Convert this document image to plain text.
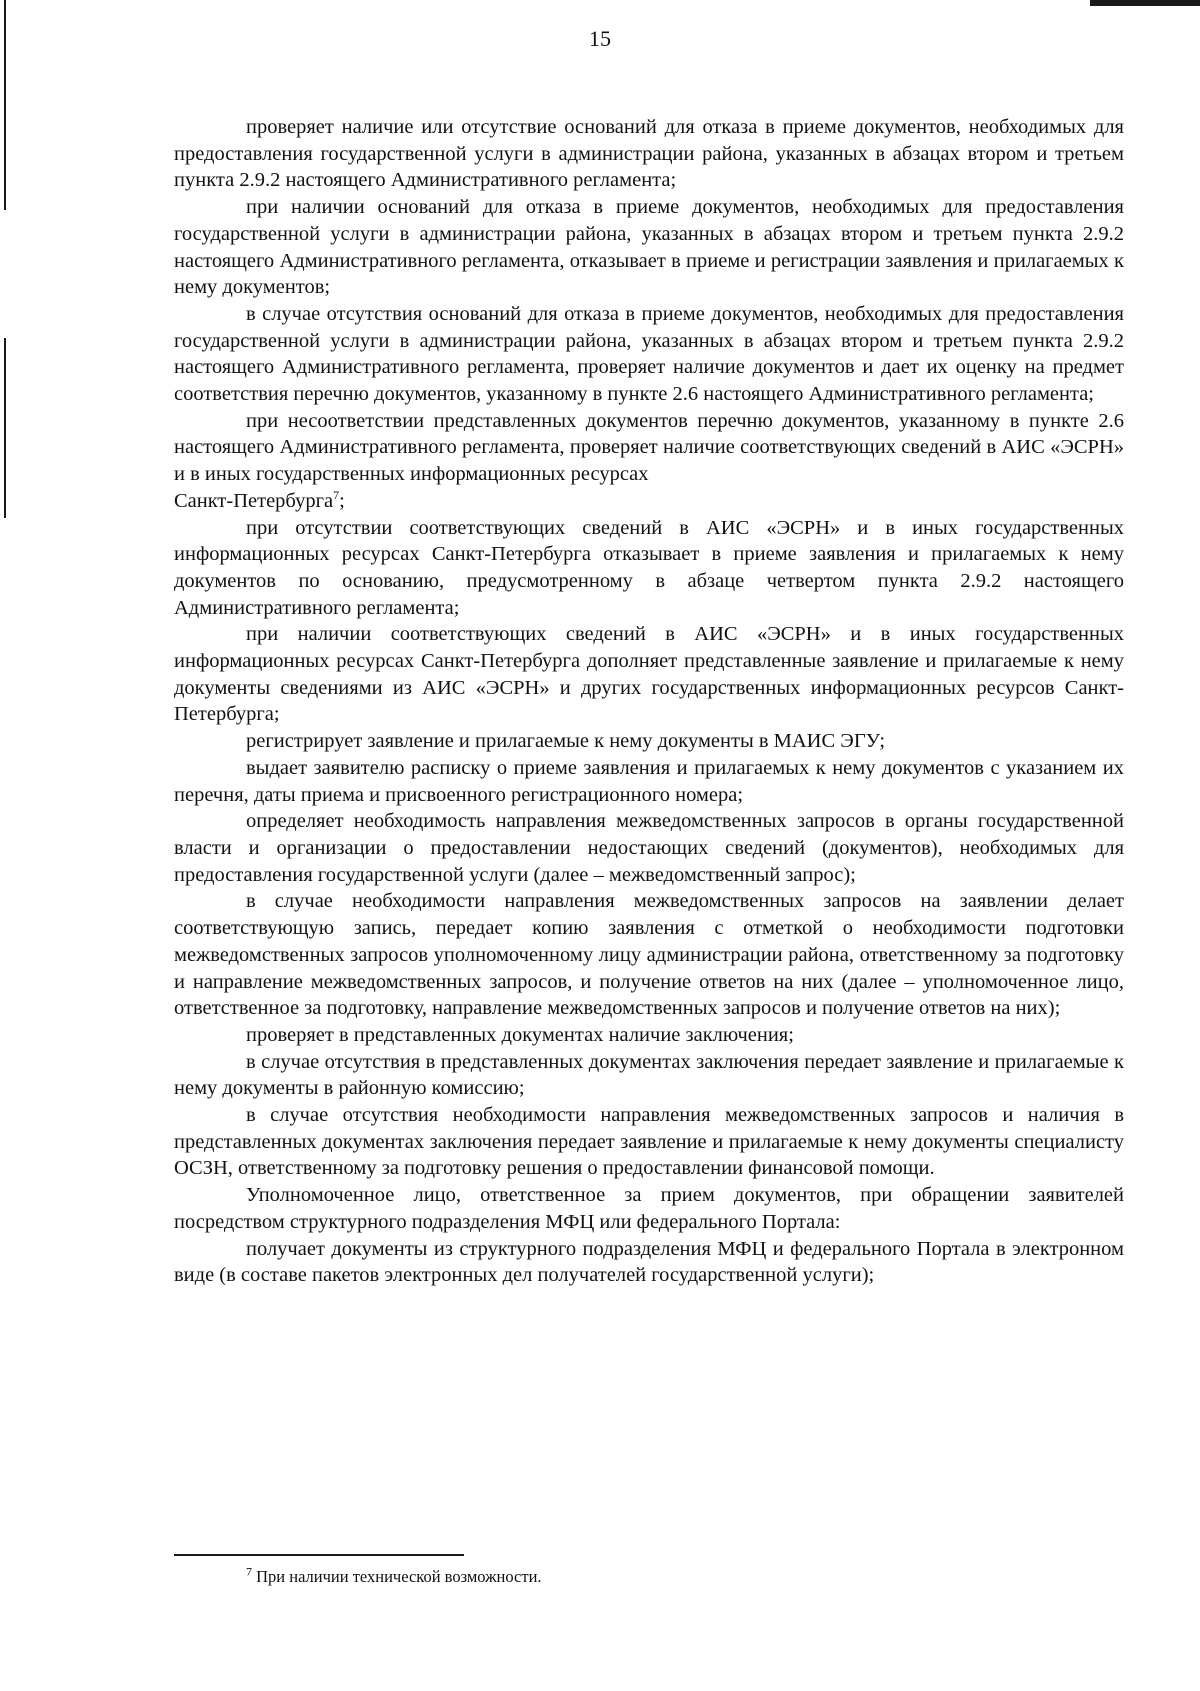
15

проверяет наличие или отсутствие оснований для отказа в приеме документов, необходимых для предоставления государственной услуги в администрации района, указанных в абзацах втором и третьем пункта 2.9.2 настоящего Административного регламента;

при наличии оснований для отказа в приеме документов, необходимых для предоставления государственной услуги в администрации района, указанных в абзацах втором и третьем пункта 2.9.2 настоящего Административного регламента, отказывает в приеме и регистрации заявления и прилагаемых к нему документов;

в случае отсутствия оснований для отказа в приеме документов, необходимых для предоставления государственной услуги в администрации района, указанных в абзацах втором и третьем пункта 2.9.2 настоящего Административного регламента, проверяет наличие документов и дает их оценку на предмет соответствия перечню документов, указанному в пункте 2.6 настоящего Административного регламента;

при несоответствии представленных документов перечню документов, указанному в пункте 2.6 настоящего Административного регламента, проверяет наличие соответствующих сведений в АИС «ЭСРН» и в иных государственных информационных ресурсах

Санкт-Петербурга$^7$;

при отсутствии соответствующих сведений в АИС «ЭСРН» и в иных государственных информационных ресурсах Санкт-Петербурга отказывает в приеме заявления и прилагаемых к нему документов по основанию, предусмотренному в абзаце четвертом пункта 2.9.2 настоящего Административного регламента;

при наличии соответствующих сведений в АИС «ЭСРН» и в иных государственных информационных ресурсах Санкт-Петербурга дополняет представленные заявление и прилагаемые к нему документы сведениями из АИС «ЭСРН» и других государственных информационных ресурсов Санкт-Петербурга;

регистрирует заявление и прилагаемые к нему документы в МАИС ЭГУ;

выдает заявителю расписку о приеме заявления и прилагаемых к нему документов с указанием их перечня, даты приема и присвоенного регистрационного номера;

определяет необходимость направления межведомственных запросов в органы государственной власти и организации о предоставлении недостающих сведений (документов), необходимых для предоставления государственной услуги (далее – межведомственный запрос);

в случае необходимости направления межведомственных запросов на заявлении делает соответствующую запись, передает копию заявления с отметкой о необходимости подготовки межведомственных запросов уполномоченному лицу администрации района, ответственному за подготовку и направление межведомственных запросов, и получение ответов на них (далее – уполномоченное лицо, ответственное за подготовку, направление межведомственных запросов и получение ответов на них);

проверяет в представленных документах наличие заключения;

в случае отсутствия в представленных документах заключения передает заявление и прилагаемые к нему документы в районную комиссию;

в случае отсутствия необходимости направления межведомственных запросов и наличия в представленных документах заключения передает заявление и прилагаемые к нему документы специалисту ОСЗН, ответственному за подготовку решения о предоставлении финансовой помощи.

Уполномоченное лицо, ответственное за прием документов, при обращении заявителей посредством структурного подразделения МФЦ или федерального Портала:

получает документы из структурного подразделения МФЦ и федерального Портала в электронном виде (в составе пакетов электронных дел получателей государственной услуги);

$^7$ При наличии технической возможности.
